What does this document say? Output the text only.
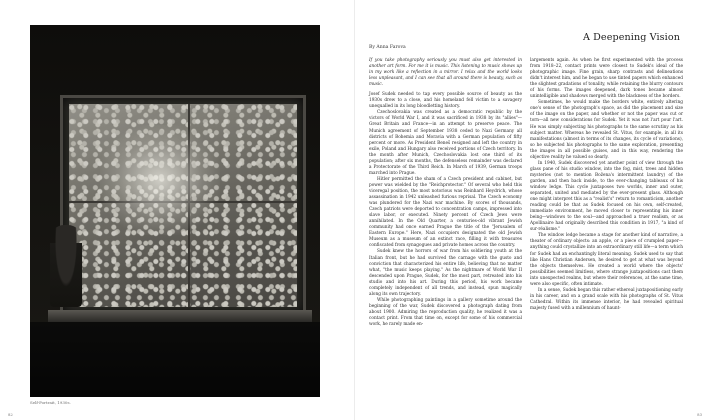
Self-Portrait, 1930s.
82
A Deepening Vision
By Anna Farova

If you take photography seriously you must also get interested in another art form. For me it is music. This listening to music shows up in my work like a reflection in a mirror. I relax and the world looks less unpleasant, and I can see that all around there is beauty, such as music.

Josef Sudek needed to tap every possible source of beauty as the 1930s drew to a close, and his homeland fell victim to a savagery unequalled in its long bloodletting history.

Czechoslovakia was created as a democratic republic by the victors of World War I, and it was sacrificed in 1938 by its "allies"—Great Britain and France—in an attempt to preserve peace. The Munich agreement of September 1938 ceded to Nazi Germany all districts of Bohemia and Moravia with a German population of fifty percent or more. As President Beneš resigned and left the country in exile, Poland and Hungary also received portions of Czech territory. In the month after Munich, Czechoslovakia lost one third of its population; after six months, the defenseless remainder was declared a Protectorate of the Third Reich. In March of 1939, German troops marched into Prague.

Hitler permitted the sham of a Czech president and cabinet, but power was wielded by the "Reichprotector." Of several who held this viceregal position, the most notorious was Reinhard Heydrich, whose assassination in 1942 unleashed furious reprisal. The Czech economy was plundered for the Nazi war machine. By scores of thousands, Czech patriots were deported to concentration camps, impressed into slave labor, or executed. Ninety percent of Czech Jews were annihilated. In the Old Quarter, a centuries-old vibrant Jewish community had once earned Prague the title of the "Jerusalem of Eastern Europe." Here, Nazi occupiers designated the old Jewish Museum as a museum of an extinct race, filling it with treasures confiscated from synagogues and private homes across the country.

Sudek knew the horrors of war from his soldiering youth at the Italian front, but he had survived the carnage with the gusto and conviction that characterized his entire life, believing that no matter what, "the music keeps playing." As the nightmare of World War II descended upon Prague, Sudek, for the most part, retreated into his studio and into his art. During this period, his work became completely independent of all trends, and instead, spun magically along its own trajectory.

While photographing paintings in a gallery sometime around the beginning of the war, Sudek discovered a photograph dating from about 1900. Admiring the reproduction quality, he realized it was a contact print. From that time on, except for some of his commercial work, he rarely made en-

largements again. As when he first experimented with the process from 1918–22, contact prints were closest to Sudek's ideal of the photographic image. Fine grain, sharp contrasts and delineations didn't interest him, and he began to use tinted papers which enhanced the slightest gradations of tonality, while retaining the blurry contours of his forms. The images deepened, dark tones became almost unintelligible and shadows merged with the blackness of the borders.

Sometimes, he would make the borders white, entirely altering one's sense of the photograph's space, as did the placement and size of the image on the paper, and whether or not the paper was cut or torn—all new considerations for Sudek. Yet it was not l'art pour l'art. He was simply subjecting his photographs to the same scrutiny as his subject matter. Whereas he revealed St. Vitus, for example, in all its manifestations (almost in terms of its changes, its cycle of variations), so he subjected his photographs to the same exploration, presenting the images in all possible guises, and in this way, rendering the objective reality he valued so dearly.

In 1940, Sudek discovered yet another point of view through the glass pane of his studio window, into the fog, mist, trees and hidden mysteries (not to mention Božena's intermittent laundry) of the garden, and then back inside, to the ever-changing tableaux of his window ledge. This cycle juxtaposes two worlds, inner and outer, separated, united and mediated by the ever-present glass. Although one might interpret this as a "realist's" return to romanticism, another reading could be that as Sudek focused on his own, self-created, immediate environment, he moved closer to representing his inner being—windows to the soul—and approached a truer realism, or as Apollinaire had originally described this condition in 1917, "a kind of sur-réalisme."

The window ledge became a stage for another kind of narrative, a theater of ordinary objects: an apple, or a piece of crumpled paper—anything could crystallize into an extraordinary still life—a term which for Sudek had an enchantingly literal meaning. Sudek used to say that like Hans Christian Andersen, he desired to get at what was beyond the objects themselves. He created a world where the objects' possibilities seemed limitless, where strange juxtapositions cast them into unexpected realms, but where their references, at the same time, were also specific, often intimate.

In a sense, Sudek began this rather ethereal juxtapositioning early in his career, and on a grand scale with his photographs of St. Vitus Cathedral. Within its immense interior, he had revealed spiritual majesty fused with a millennium of haunt-

83
